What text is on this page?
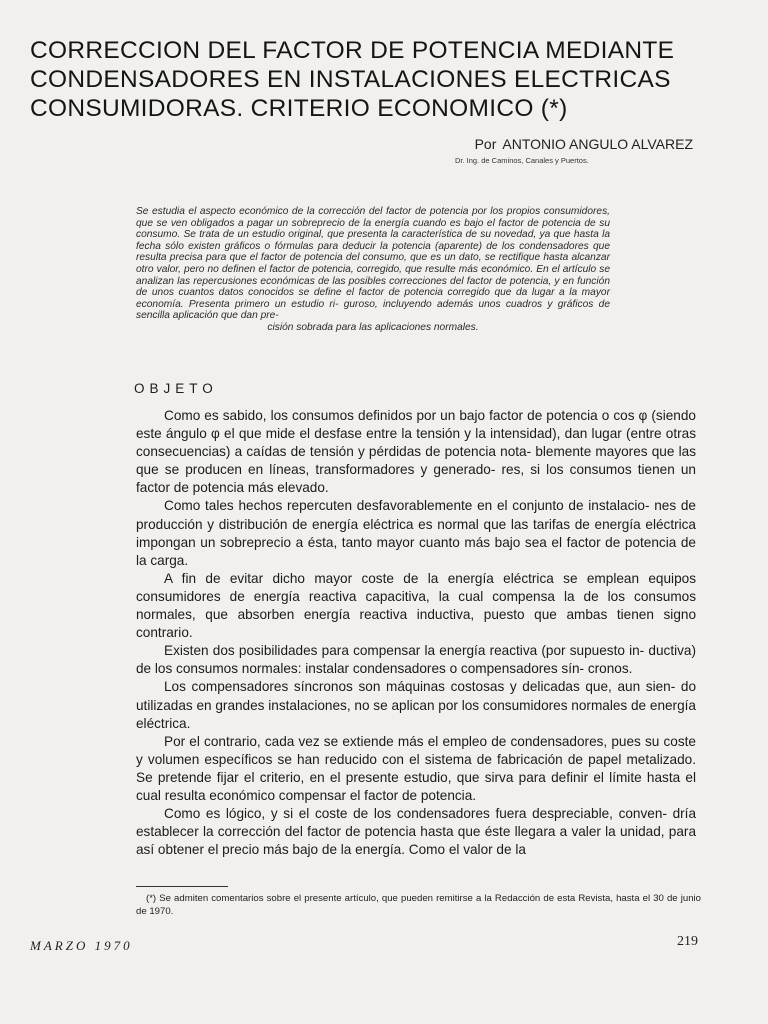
CORRECCION DEL FACTOR DE POTENCIA MEDIANTE
CONDENSADORES EN INSTALACIONES ELECTRICAS
CONSUMIDORAS. CRITERIO ECONOMICO (*)
Por ANTONIO ANGULO ALVAREZ
Dr. Ing. de Caminos, Canales y Puertos.

Se estudia el aspecto económico de la corrección del factor de potencia por los propios consumidores, que se ven obligados a pagar un sobreprecio de la energía cuando es bajo el factor de potencia de su consumo. Se trata de un estudio original, que presenta la característica de su novedad, ya que hasta la fecha sólo existen gráficos o fórmulas para deducir la potencia (aparente) de los condensadores que resulta precisa para que el factor de potencia del consumo, que es un dato, se rectifique hasta alcanzar otro valor, pero no definen el factor de potencia, corregido, que resulte más económico. En el artículo se analizan las repercusiones económicas de las posibles correcciones del factor de potencia, y en función de unos cuantos datos conocidos se define el factor de potencia corregido que da lugar a la mayor economía. Presenta primero un estudio ri- guroso, incluyendo además unos cuadros y gráficos de sencilla aplicación que dan pre-
cisión sobrada para las aplicaciones normales.

OBJETO

Como es sabido, los consumos definidos por un bajo factor de potencia o cos φ (siendo este ángulo φ el que mide el desfase entre la tensión y la intensidad), dan lugar (entre otras consecuencias) a caídas de tensión y pérdidas de potencia nota- blemente mayores que las que se producen en líneas, transformadores y generado- res, si los consumos tienen un factor de potencia más elevado.

Como tales hechos repercuten desfavorablemente en el conjunto de instalacio- nes de producción y distribución de energía eléctrica es normal que las tarifas de energía eléctrica impongan un sobreprecio a ésta, tanto mayor cuanto más bajo sea el factor de potencia de la carga.

A fin de evitar dicho mayor coste de la energía eléctrica se emplean equipos consumidores de energía reactiva capacitiva, la cual compensa la de los consumos normales, que absorben energía reactiva inductiva, puesto que ambas tienen signo contrario.

Existen dos posibilidades para compensar la energía reactiva (por supuesto in- ductiva) de los consumos normales: instalar condensadores o compensadores sín- cronos.

Los compensadores síncronos son máquinas costosas y delicadas que, aun sien- do utilizadas en grandes instalaciones, no se aplican por los consumidores normales de energía eléctrica.

Por el contrario, cada vez se extiende más el empleo de condensadores, pues su coste y volumen específicos se han reducido con el sistema de fabricación de papel metalizado. Se pretende fijar el criterio, en el presente estudio, que sirva para definir el límite hasta el cual resulta económico compensar el factor de potencia.

Como es lógico, y si el coste de los condensadores fuera despreciable, conven- dría establecer la corrección del factor de potencia hasta que éste llegara a valer la unidad, para así obtener el precio más bajo de la energía. Como el valor de la

(*) Se admiten comentarios sobre el presente artículo, que pueden remitirse a la Redacción de esta Revista, hasta el 30 de junio de 1970.

MARZO 1970	219
